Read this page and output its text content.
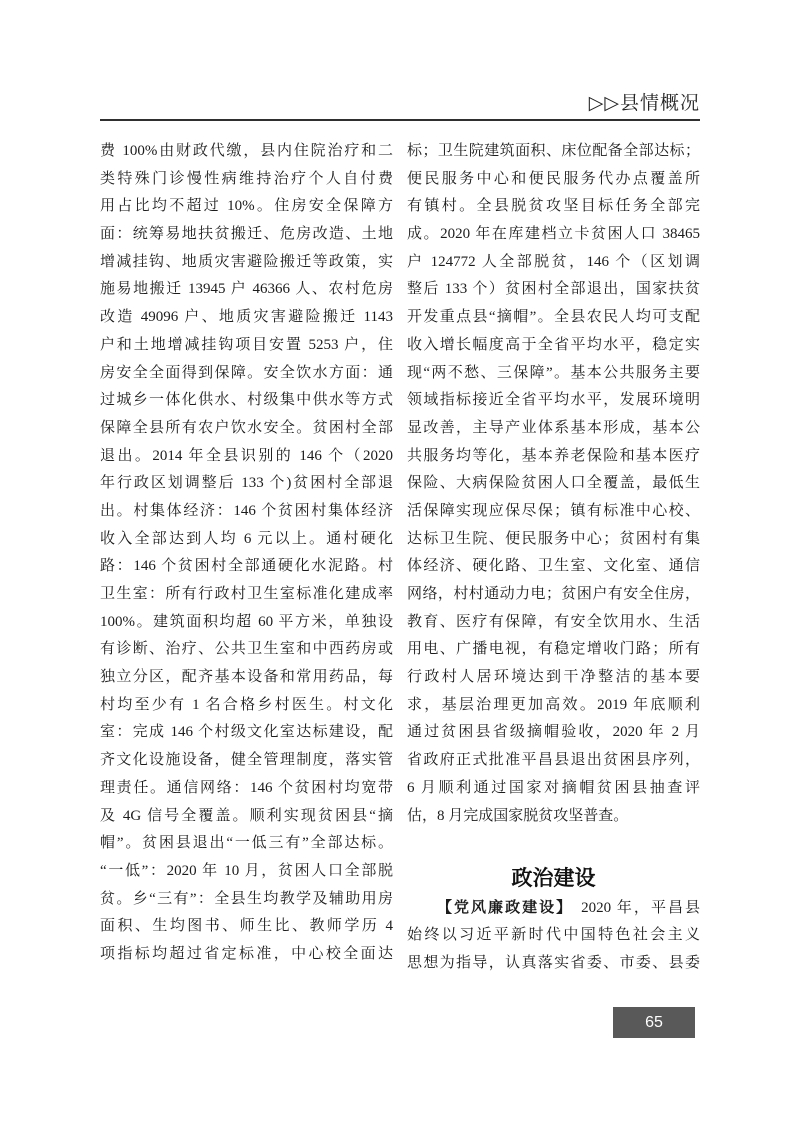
▷▷县情概况
费 100%由财政代缴，县内住院治疗和二
类特殊门诊慢性病维持治疗个人自付费
用占比均不超过 10%。住房安全保障方
面：统筹易地扶贫搬迁、危房改造、土地
增减挂钩、地质灾害避险搬迁等政策，实
施易地搬迁 13945 户 46366 人、农村危房
改造 49096 户、地质灾害避险搬迁 1143
户和土地增减挂钩项目安置 5253 户，住
房安全全面得到保障。安全饮水方面：通
过城乡一体化供水、村级集中供水等方式
保障全县所有农户饮水安全。贫困村全部
退出。2014 年全县识别的 146 个（2020
年行政区划调整后 133 个)贫困村全部退
出。村集体经济：146 个贫困村集体经济
收入全部达到人均 6 元以上。通村硬化
路：146 个贫困村全部通硬化水泥路。村
卫生室：所有行政村卫生室标准化建成率
100%。建筑面积均超 60 平方米，单独设
有诊断、治疗、公共卫生室和中西药房或
独立分区，配齐基本设备和常用药品，每
村均至少有 1 名合格乡村医生。村文化
室：完成 146 个村级文化室达标建设，配
齐文化设施设备，健全管理制度，落实管
理责任。通信网络：146 个贫困村均宽带
及 4G 信号全覆盖。顺利实现贫困县“摘
帽”。贫困县退出“一低三有”全部达标。
“一低”：2020 年 10 月，贫困人口全部脱
贫。乡“三有”：全县生均教学及辅助用房
面积、生均图书、师生比、教师学历 4
项指标均超过省定标准，中心校全面达
标；卫生院建筑面积、床位配备全部达标；
便民服务中心和便民服务代办点覆盖所
有镇村。全县脱贫攻坚目标任务全部完
成。2020 年在库建档立卡贫困人口 38465
户 124772 人全部脱贫，146 个（区划调
整后 133 个）贫困村全部退出，国家扶贫
开发重点县“摘帽”。全县农民人均可支配
收入增长幅度高于全省平均水平，稳定实
现“两不愁、三保障”。基本公共服务主要
领域指标接近全省平均水平，发展环境明
显改善，主导产业体系基本形成，基本公
共服务均等化，基本养老保险和基本医疗
保险、大病保险贫困人口全覆盖，最低生
活保障实现应保尽保；镇有标准中心校、
达标卫生院、便民服务中心；贫困村有集
体经济、硬化路、卫生室、文化室、通信
网络，村村通动力电；贫困户有安全住房，
教育、医疗有保障，有安全饮用水、生活
用电、广播电视，有稳定增收门路；所有
行政村人居环境达到干净整洁的基本要
求，基层治理更加高效。2019 年底顺利
通过贫困县省级摘帽验收，2020 年 2 月
省政府正式批准平昌县退出贫困县序列，
6 月顺利通过国家对摘帽贫困县抽查评
估，8 月完成国家脱贫攻坚普查。
政治建设
【党风廉政建设】 2020 年，平昌县
始终以习近平新时代中国特色社会主义
思想为指导，认真落实省委、市委、县委
65
